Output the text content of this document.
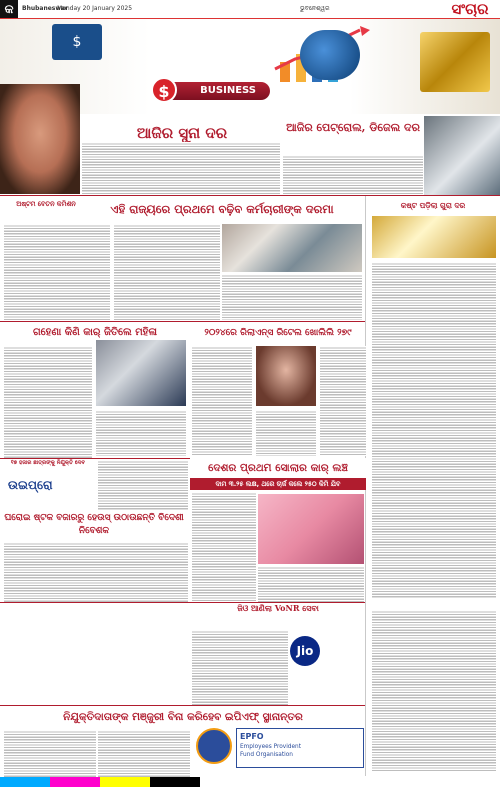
କ	Bhubaneswar
Monday 20 January 2025	ଭୁବନେଶ୍ୱର	ସଂଚାର
$
BUSINESS
$
ଆଜିର ସୁନା ଦର	ଆଜିର ପେଟ୍ରୋଲ, ଡିଜେଲ ଦର
ଅଷ୍ଟମ ବେତନ କମିଶନ	ଏହି ରାଜ୍ୟରେ ପ୍ରଥମେ ବଢ଼ିବ କର୍ମଚାରୀଙ୍କ ଦରମା	କଷ୍ଟ ପଡ଼ିଲା ଗୁରା ଦର
ଗହେଣା କିଣି କାର୍ ଜିତିଲେ ମହିଳା	୨୦୨୪ରେ ରିଲାଏନ୍ସ ରିଟେଲ ଖୋଲିଲି ୨୭୯
ଦେଶର ପ୍ରଥମ ସୋଲାର କାର୍ ଲଞ୍ଚ
ଦାମ ୩.୨୫ ଲକ୍ଷ, ଥରେ ଚାର୍ଜ କଲେ ୨୫୦ କିମି ଯିବ
୧୭ ହଜାର ଛାତ୍ରଙ୍କୁ ନିଯୁକ୍ତି ଦେବ
ଉଇପ୍ରୋ
ଘରୋଇ ଷ୍ଟକ ବଜାରରୁ ହେଉସ୍ ଉଠାଉଛନ୍ତି ବିଦେଶୀ ନିବେଶକ
ଜିଓ ଆଣିଲା VoNR ସେବା
Jio
ନିଯୁକ୍ତିଦାତାଙ୍କ ମଞ୍ଜୁରୀ ବିନା କରିହେବ ଇପିଏଫ୍ ସ୍ଥାନାନ୍ତର
EPFO
Employees Provident
Fund Organisation
